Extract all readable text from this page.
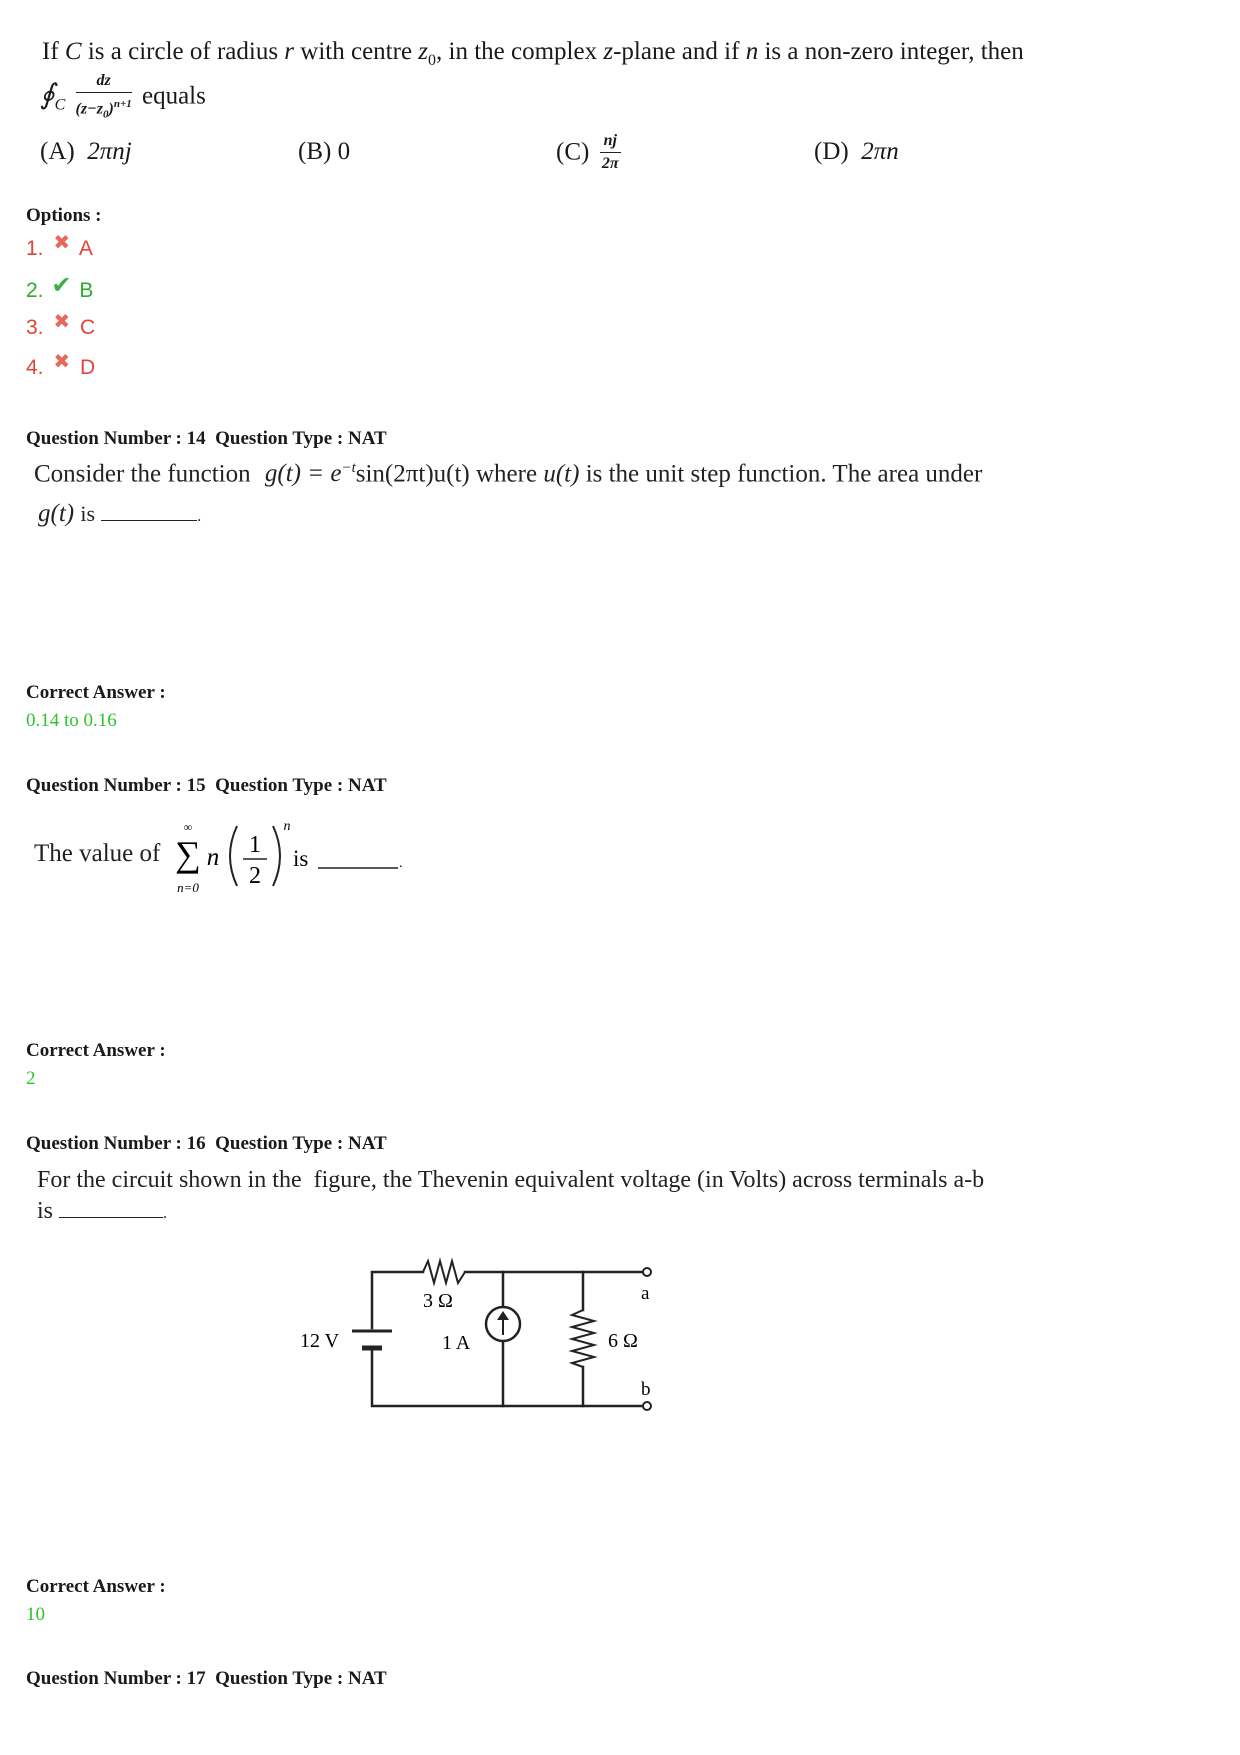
If C is a circle of radius r with centre $z_0$, in the complex z-plane and if n is a non-zero integer, then
$∮_C \frac{dz}{(z-z_0)^{n+1}}$ equals
(A) 2πnj	(B) 0	$(C) \frac{nj}{2\pi}$	(D) 2πn
Options :
1. ✖ A
2. ✔ B
3. ✖ C
4. ✖ D
Question Number : 14  Question Type : NAT
Consider the function $g(t) = e^{-t}\sin(2\pi t)u(t)$ where u(t) is the unit step function. The area under
g(t) is	.
Correct Answer :
0.14 to 0.16
Question Number : 15  Question Type : NAT
The value of
∞
∑
n=0
n 1
2
n
is	.
Correct Answer :
2
Question Number : 16  Question Type : NAT
For the circuit shown in the  figure, the Thevenin equivalent voltage (in Volts) across terminals a-b
is	.
12 V
3 Ω
1 A	6 Ω
a
b
Correct Answer :
10
Question Number : 17  Question Type : NAT
